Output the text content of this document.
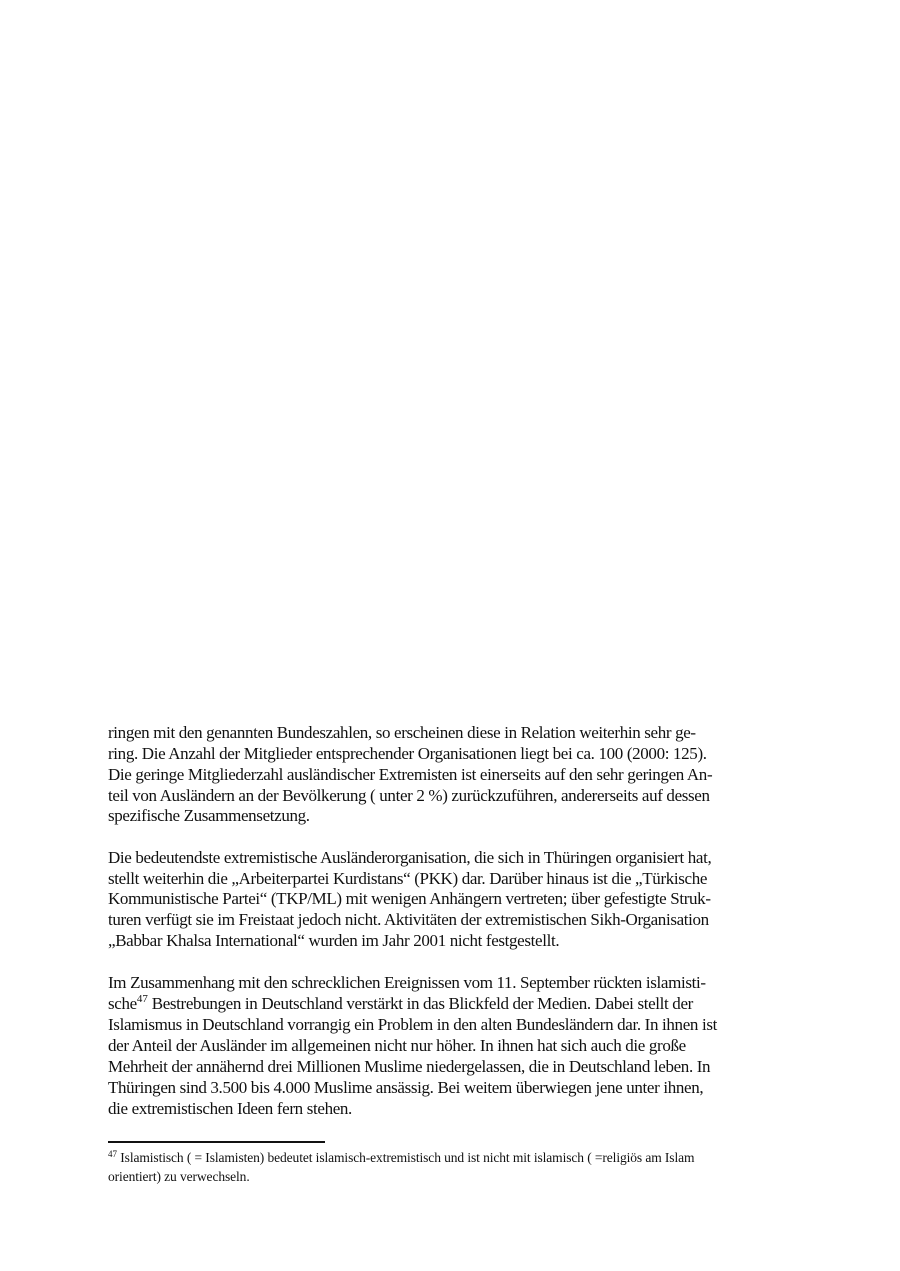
ringen mit den genannten Bundeszahlen, so erscheinen diese in Relation weiterhin sehr ge-
ring. Die Anzahl der Mitglieder entsprechender Organisationen liegt bei ca. 100 (2000: 125).
Die geringe Mitgliederzahl ausländischer Extremisten ist einerseits auf den sehr geringen An-
teil von Ausländern an der Bevölkerung ( unter 2 %) zurückzuführen, andererseits auf dessen
spezifische Zusammensetzung.
Die bedeutendste extremistische Ausländerorganisation, die sich in Thüringen organisiert hat,
stellt weiterhin die „Arbeiterpartei Kurdistans“ (PKK) dar. Darüber hinaus ist die „Türkische
Kommunistische Partei“ (TKP/ML) mit wenigen Anhängern vertreten; über gefestigte Struk-
turen verfügt sie im Freistaat jedoch nicht. Aktivitäten der extremistischen Sikh-Organisation
„Babbar Khalsa International“ wurden im Jahr 2001 nicht festgestellt.
Im Zusammenhang mit den schrecklichen Ereignissen vom 11. September rückten islamisti-
sche$^{47}$ Bestrebungen in Deutschland verstärkt in das Blickfeld der Medien. Dabei stellt der
Islamismus in Deutschland vorrangig ein Problem in den alten Bundesländern dar. In ihnen ist
der Anteil der Ausländer im allgemeinen nicht nur höher. In ihnen hat sich auch die große
Mehrheit der annähernd drei Millionen Muslime niedergelassen, die in Deutschland leben. In
Thüringen sind 3.500 bis 4.000 Muslime ansässig. Bei weitem überwiegen jene unter ihnen,
die extremistischen Ideen fern stehen.
$^{47}$ Islamistisch ( = Islamisten) bedeutet islamisch-extremistisch und ist nicht mit islamisch ( =religiös am Islam
orientiert) zu verwechseln.
